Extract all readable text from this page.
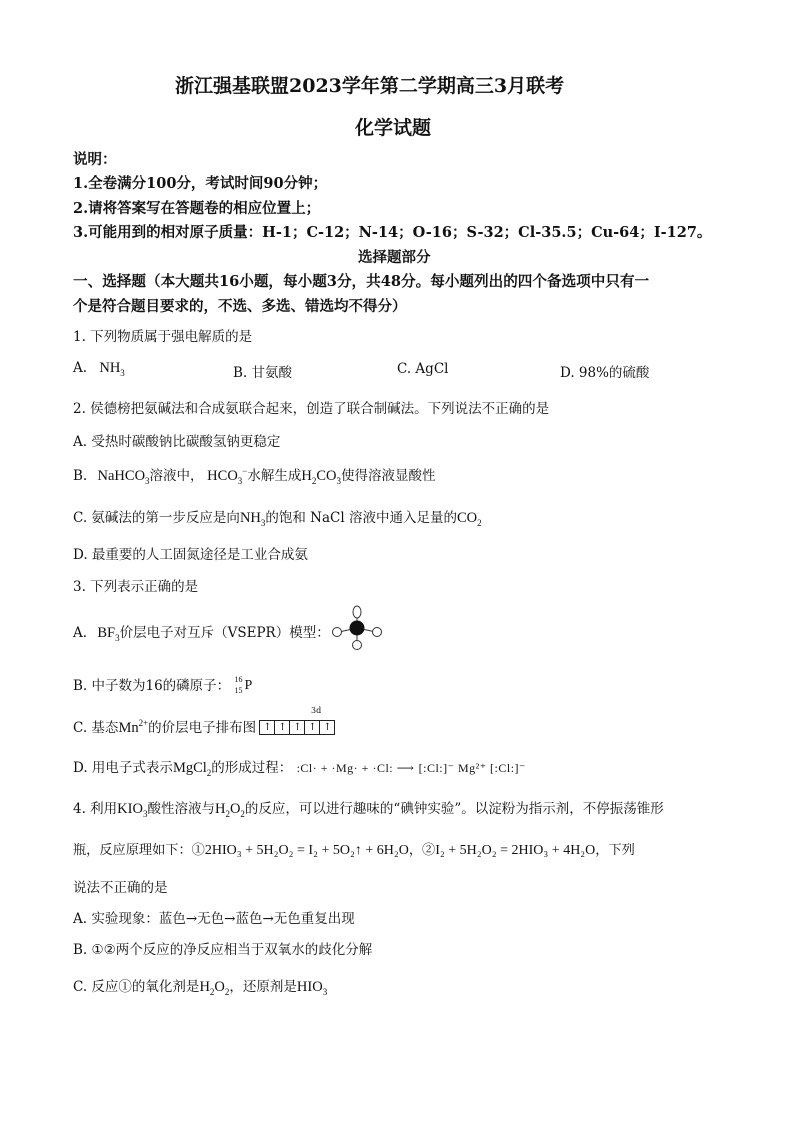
浙江强基联盟2023学年第二学期高三3月联考
化学试题
说明：
1.全卷满分100分，考试时间90分钟；
2.请将答案写在答题卷的相应位置上；
3.可能用到的相对原子质量：H-1；C-12；N-14；O-16；S-32；Cl-35.5；Cu-64；I-127。
选择题部分
一、选择题（本大题共16小题，每小题3分，共48分。每小题列出的四个备选项中只有一
个是符合题目要求的，不选、多选、错选均不得分）
1. 下列物质属于强电解质的是
A. $NH_3$	B. 甘氨酸	C. AgCl	D. 98%的硫酸
2. 侯德榜把氨碱法和合成氨联合起来，创造了联合制碱法。下列说法不正确的是
A. 受热时碳酸钠比碳酸氢钠更稳定
B. NaHCO$_3$溶液中， $HCO_3^-$水解生成$H_2CO_3$使得溶液显酸性
C. 氨碱法的第一步反应是向$NH_3$的饱和 NaCl 溶液中通入足量的$CO_2$
D. 最重要的人工固氮途径是工业合成氨
3. 下列表示正确的是
A. $BF_3$价层电子对互斥（VSEPR）模型：
B. 中子数为16的磷原子： 16
15 P
C. 基态$Mn^{2+}$的价层电子排布图 ↑ ↑ ↑ ↑ ↑
3d
D. 用电子式表示MgCl$_2$的形成过程： :Cl· + ·Mg· + ·Cl: ⟶ [:Cl:]⁻ Mg²⁺ [:Cl:]⁻
4. 利用$KIO_3$酸性溶液与$H_2O_2$的反应，可以进行趣味的“碘钟实验”。以淀粉为指示剂，不停振荡锥形
瓶，反应原理如下：①2HIO₃ + 5H₂O₂ = I₂ + 5O₂↑ + 6H₂O，②I₂ + 5H₂O₂ = 2HIO₃ + 4H₂O，下列
说法不正确的是
A. 实验现象：蓝色→无色→蓝色→无色重复出现
B. ①②两个反应的净反应相当于双氧水的歧化分解
C. 反应①的氧化剂是$H_2O_2$，还原剂是$HIO_3$
